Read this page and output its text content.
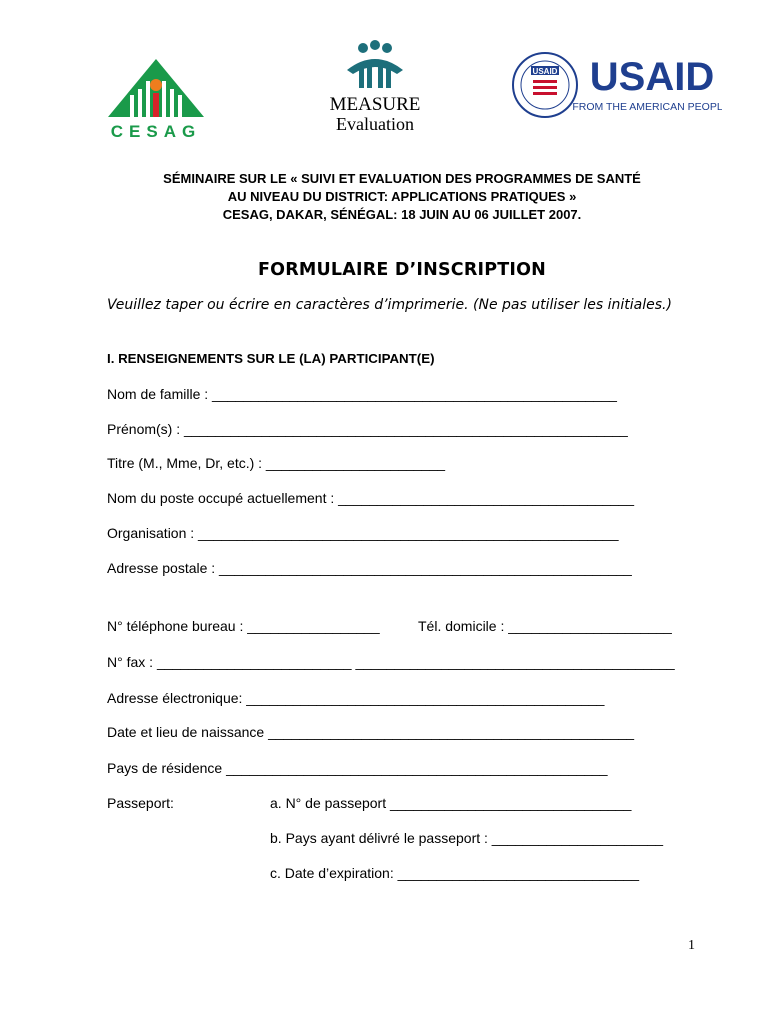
CESAG
MEASURE
Evaluation
USAID USAID
FROM THE AMERICAN PEOPLE
SÉMINAIRE SUR LE « SUIVI ET EVALUATION DES PROGRAMMES DE SANTÉ
AU NIVEAU DU DISTRICT: APPLICATIONS PRATIQUES »
CESAG, DAKAR, SÉNÉGAL: 18 JUIN AU 06 JUILLET 2007.
FORMULAIRE D’INSCRIPTION
Veuillez taper ou écrire en caractères d’imprimerie. (Ne pas utiliser les initiales.)
I. RENSEIGNEMENTS SUR LE (LA) PARTICIPANT(E)
Nom de famille : ____________________________________________________
Prénom(s) : _________________________________________________________
Titre (M., Mme, Dr, etc.) : _______________________
Nom du poste occupé actuellement : ______________________________________
Organisation : ______________________________________________________
Adresse postale : _____________________________________________________
N° téléphone bureau : _________________	Tél. domicile : _____________________
N° fax : _________________________ _________________________________________
Adresse électronique: ______________________________________________
Date et lieu de naissance _______________________________________________
Pays de résidence _________________________________________________
Passeport:	a. N° de passeport _______________________________
b. Pays ayant délivré le passeport : ______________________
c. Date d’expiration: _______________________________
1
